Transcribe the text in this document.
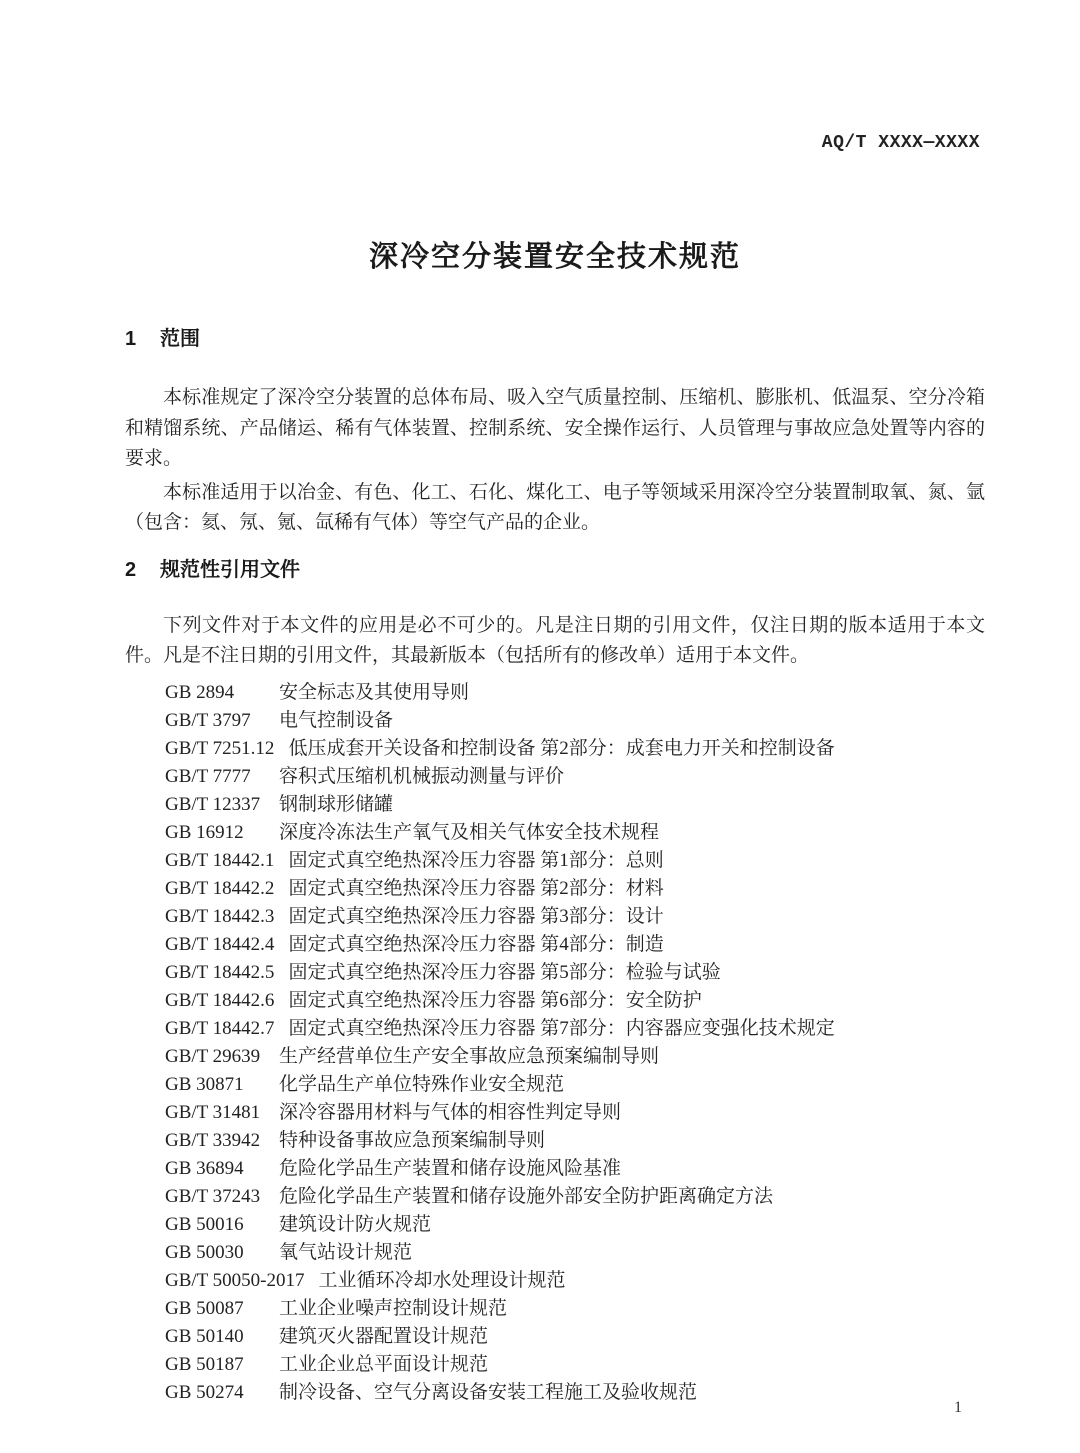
AQ/T XXXX—XXXX
深冷空分装置安全技术规范
1 范围

本标准规定了深冷空分装置的总体布局、吸入空气质量控制、压缩机、膨胀机、低温泵、空分冷箱和精馏系统、产品储运、稀有气体装置、控制系统、安全操作运行、人员管理与事故应急处置等内容的要求。

本标准适用于以冶金、有色、化工、石化、煤化工、电子等领域采用深冷空分装置制取氧、氮、氩（包含：氦、氖、氪、氙稀有气体）等空气产品的企业。

2 规范性引用文件

下列文件对于本文件的应用是必不可少的。凡是注日期的引用文件，仅注日期的版本适用于本文件。凡是不注日期的引用文件，其最新版本（包括所有的修改单）适用于本文件。

GB 2894 安全标志及其使用导则
GB/T 3797 电气控制设备
GB/T 7251.12 低压成套开关设备和控制设备 第2部分：成套电力开关和控制设备
GB/T 7777 容积式压缩机机械振动测量与评价
GB/T 12337 钢制球形储罐
GB 16912 深度冷冻法生产氧气及相关气体安全技术规程
GB/T 18442.1 固定式真空绝热深冷压力容器 第1部分：总则
GB/T 18442.2 固定式真空绝热深冷压力容器 第2部分：材料
GB/T 18442.3 固定式真空绝热深冷压力容器 第3部分：设计
GB/T 18442.4 固定式真空绝热深冷压力容器 第4部分：制造
GB/T 18442.5 固定式真空绝热深冷压力容器 第5部分：检验与试验
GB/T 18442.6 固定式真空绝热深冷压力容器 第6部分：安全防护
GB/T 18442.7 固定式真空绝热深冷压力容器 第7部分：内容器应变强化技术规定
GB/T 29639 生产经营单位生产安全事故应急预案编制导则
GB 30871 化学品生产单位特殊作业安全规范
GB/T 31481 深冷容器用材料与气体的相容性判定导则
GB/T 33942 特种设备事故应急预案编制导则
GB 36894 危险化学品生产装置和储存设施风险基准
GB/T 37243 危险化学品生产装置和储存设施外部安全防护距离确定方法
GB 50016 建筑设计防火规范
GB 50030 氧气站设计规范
GB/T 50050-2017 工业循环冷却水处理设计规范
GB 50087 工业企业噪声控制设计规范
GB 50140 建筑灭火器配置设计规范
GB 50187 工业企业总平面设计规范
GB 50274 制冷设备、空气分离设备安装工程施工及验收规范
1
